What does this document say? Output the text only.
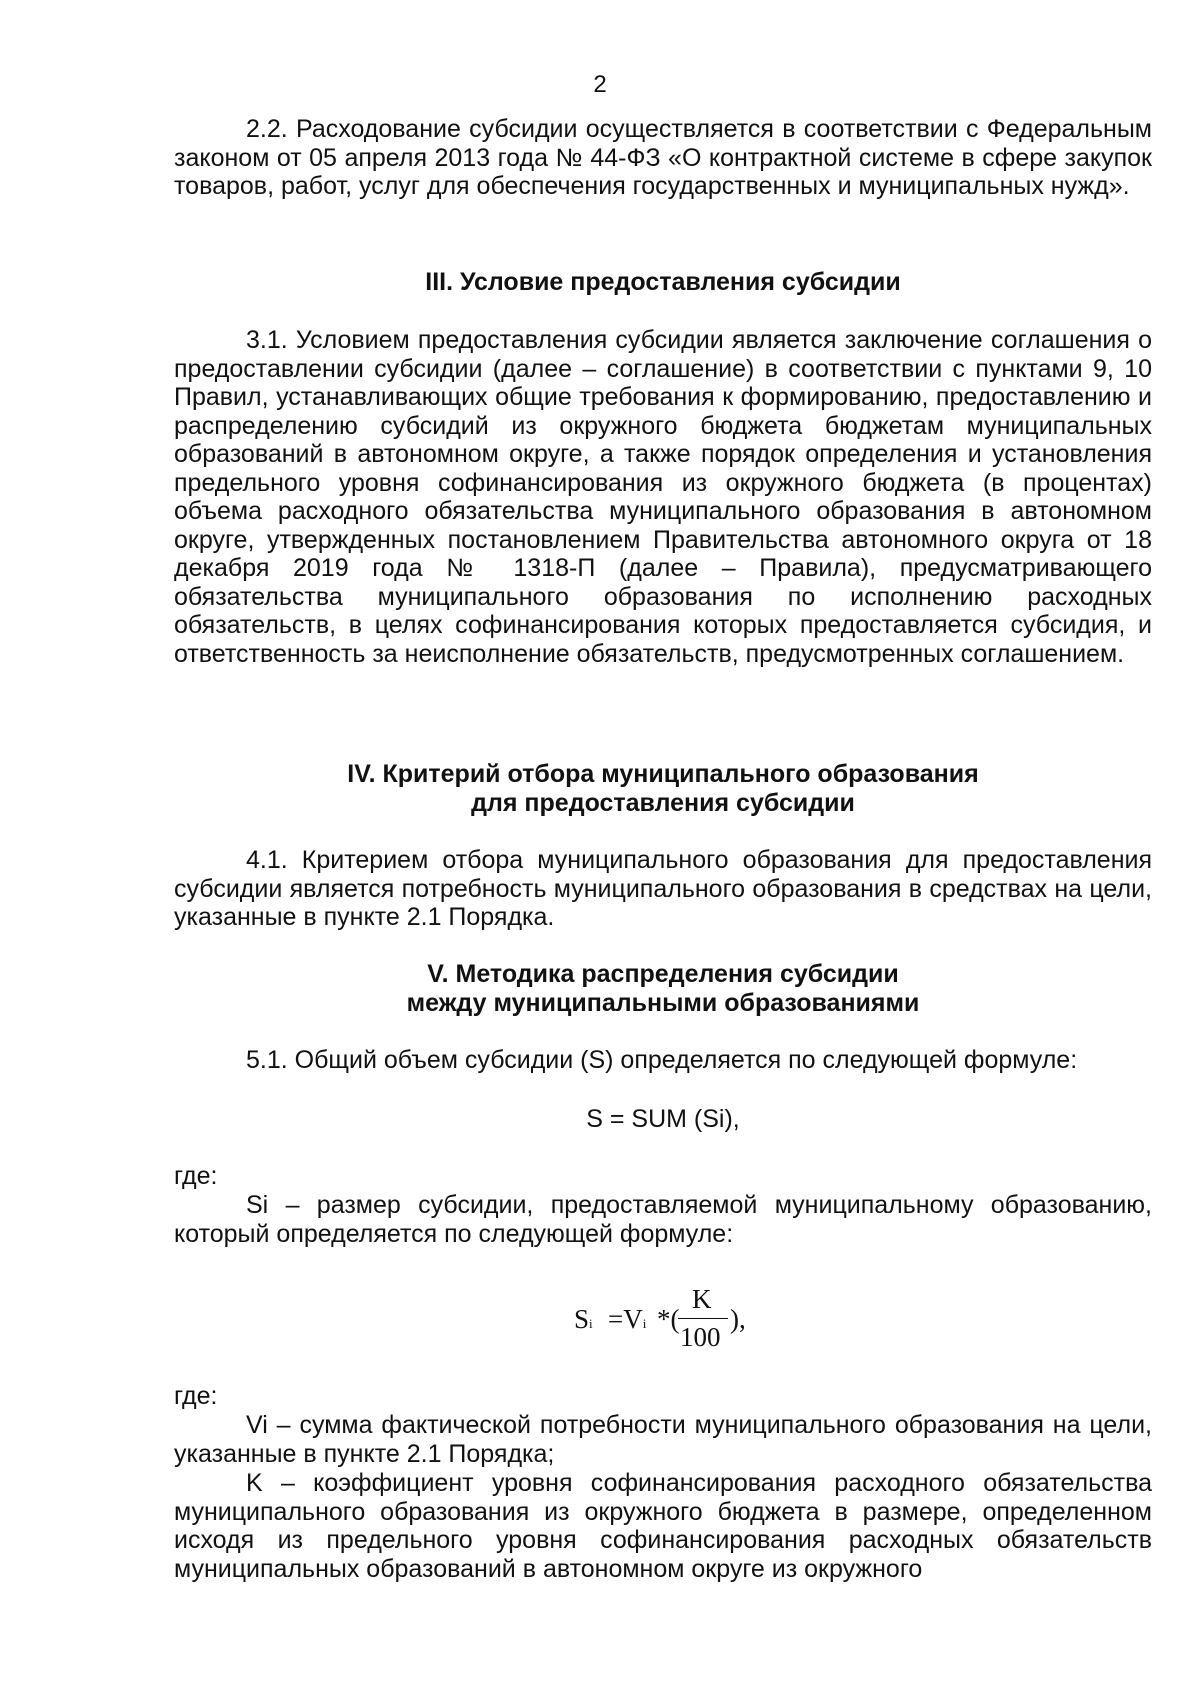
2

2.2. Расходование субсидии осуществляется в соответствии с Федеральным законом от 05 апреля 2013 года № 44-ФЗ «О контрактной системе в сфере закупок товаров, работ, услуг для обеспечения государственных и муниципальных нужд».

III. Условие предоставления субсидии

3.1. Условием предоставления субсидии является заключение соглашения о предоставлении субсидии (далее – соглашение) в соответствии с пунктами 9, 10 Правил, устанавливающих общие требования к формированию, предоставлению и распределению субсидий из окружного бюджета бюджетам муниципальных образований в автономном округе, а также порядок определения и установления предельного уровня софинансирования из окружного бюджета (в процентах) объема расходного обязательства муниципального образования в автономном округе, утвержденных постановлением Правительства автономного округа от 18 декабря 2019 года № 1318-П (далее – Правила), предусматривающего обязательства муниципального образования по исполнению расходных обязательств, в целях софинансирования которых предоставляется субсидия, и ответственность за неисполнение обязательств, предусмотренных соглашением.

IV. Критерий отбора муниципального образования

для предоставления субсидии

4.1. Критерием отбора муниципального образования для предоставления субсидии является потребность муниципального образования в средствах на цели, указанные в пункте 2.1 Порядка.

V. Методика распределения субсидии

между муниципальными образованиями

5.1. Общий объем субсидии (S) определяется по следующей формуле:

S = SUM (Si),

где:

Si – размер субсидии, предоставляемой муниципальному образованию, который определяется по следующей формуле:

Si =Vi *(
K
100
),

где:

Vi – сумма фактической потребности муниципального образования на цели, указанные в пункте 2.1 Порядка;

K – коэффициент уровня софинансирования расходного обязательства муниципального образования из окружного бюджета в размере, определенном исходя из предельного уровня софинансирования расходных обязательств муниципальных образований в автономном округе из окружного
